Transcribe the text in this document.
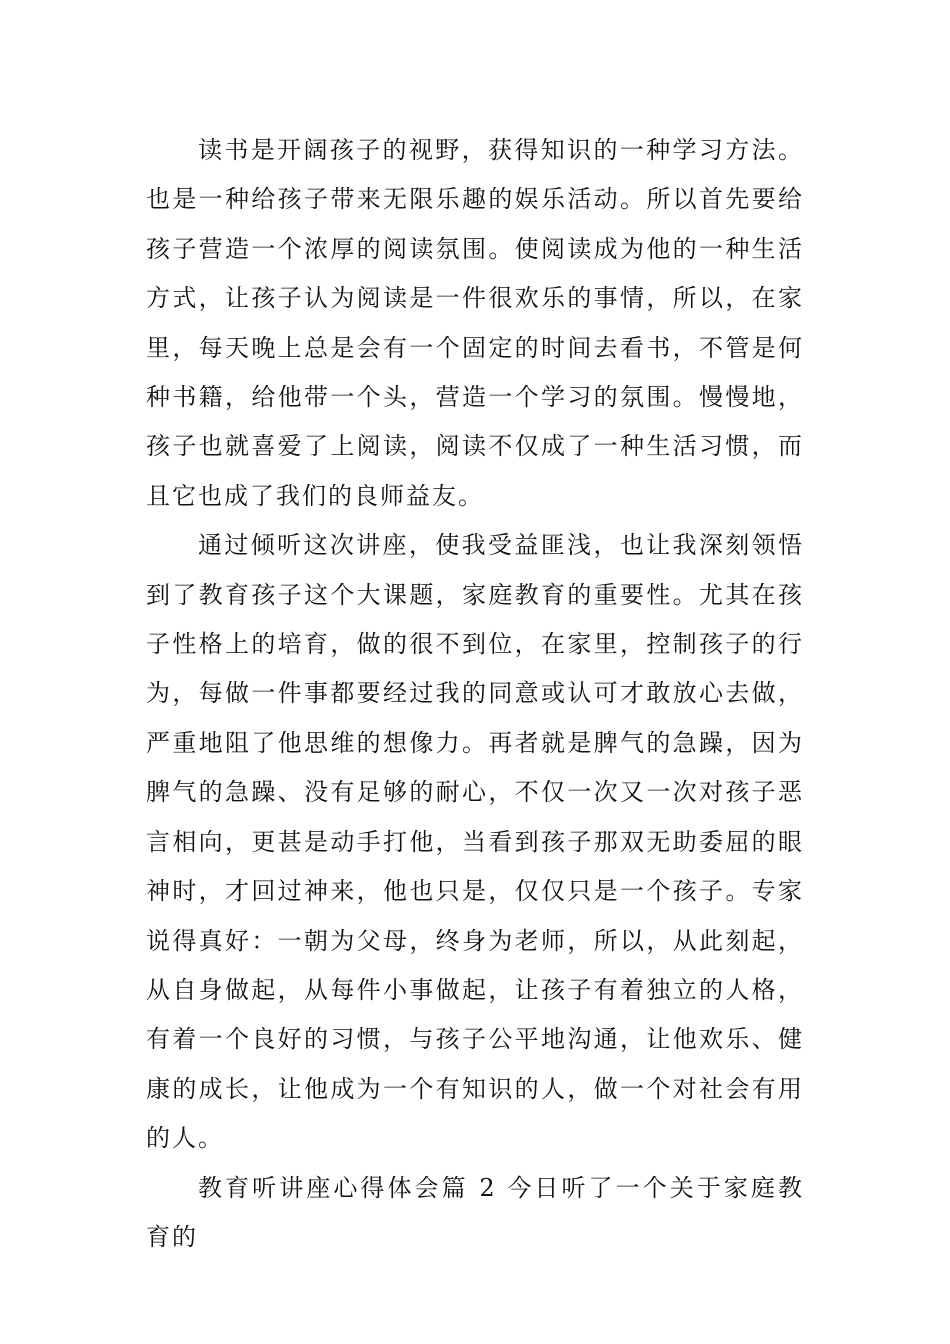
读书是开阔孩子的视野，获得知识的一种学习方法。也是一种给孩子带来无限乐趣的娱乐活动。所以首先要给孩子营造一个浓厚的阅读氛围。使阅读成为他的一种生活方式，让孩子认为阅读是一件很欢乐的事情，所以，在家里，每天晚上总是会有一个固定的时间去看书，不管是何种书籍，给他带一个头，营造一个学习的氛围。慢慢地，孩子也就喜爱了上阅读，阅读不仅成了一种生活习惯，而且它也成了我们的良师益友。

通过倾听这次讲座，使我受益匪浅，也让我深刻领悟到了教育孩子这个大课题，家庭教育的重要性。尤其在孩子性格上的培育，做的很不到位，在家里，控制孩子的行为，每做一件事都要经过我的同意或认可才敢放心去做，严重地阻了他思维的想像力。再者就是脾气的急躁，因为脾气的急躁、没有足够的耐心，不仅一次又一次对孩子恶言相向，更甚是动手打他，当看到孩子那双无助委屈的眼神时，才回过神来，他也只是，仅仅只是一个孩子。专家说得真好：一朝为父母，终身为老师，所以，从此刻起，从自身做起，从每件小事做起，让孩子有着独立的人格，有着一个良好的习惯，与孩子公平地沟通，让他欢乐、健康的成长，让他成为一个有知识的人，做一个对社会有用的人。

教育听讲座心得体会篇 2 今日听了一个关于家庭教育的
